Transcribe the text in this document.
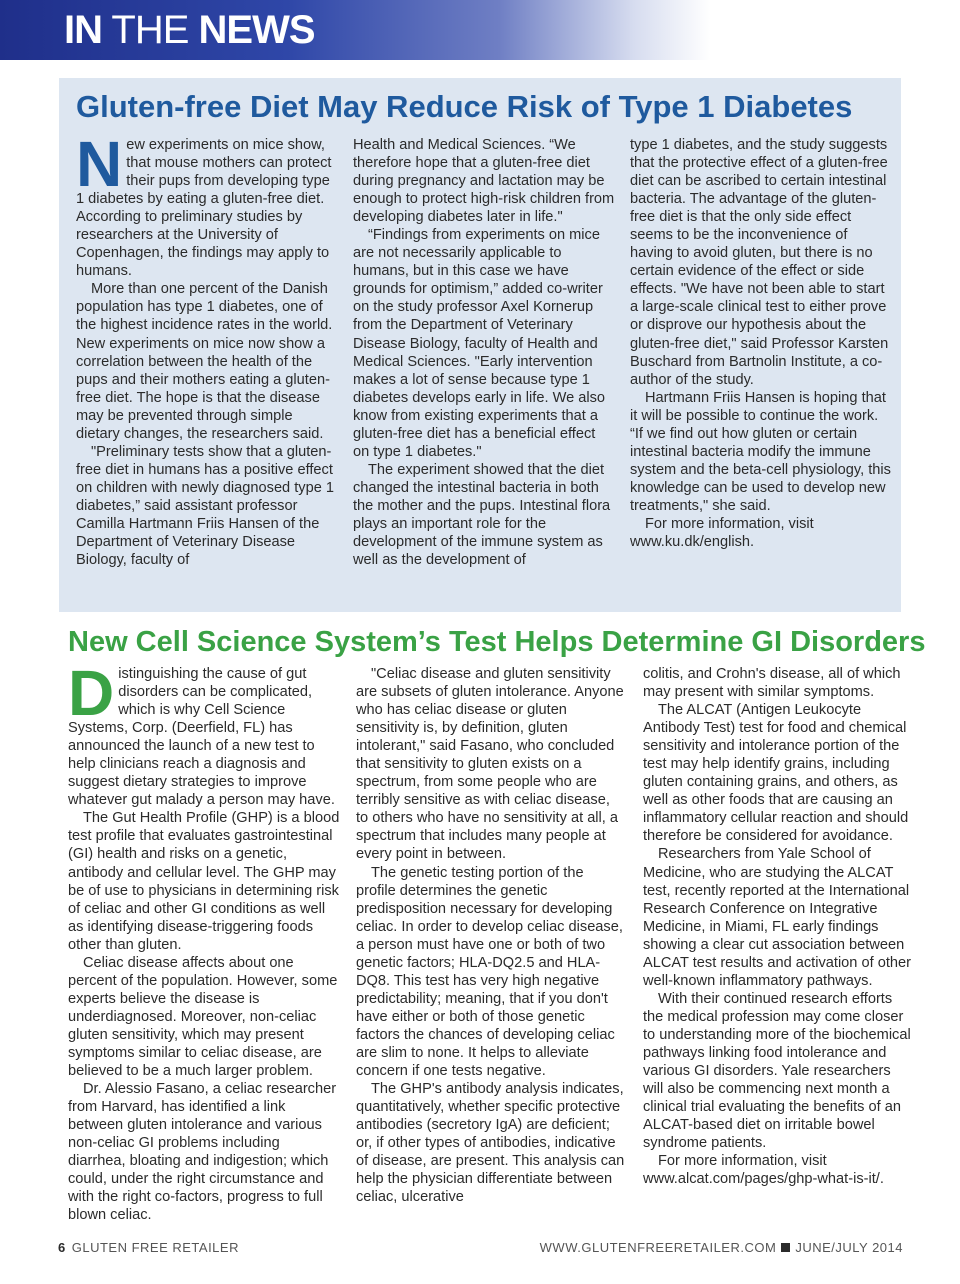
IN THE NEWS
Gluten-free Diet May Reduce Risk of Type 1 Diabetes

New experiments on mice show, that mouse mothers can protect their pups from developing type 1 diabetes by eating a gluten-free diet. According to preliminary studies by researchers at the University of Copenhagen, the findings may apply to humans.

More than one percent of the Danish population has type 1 diabetes, one of the highest incidence rates in the world. New experiments on mice now show a correlation between the health of the pups and their mothers eating a gluten-free diet. The hope is that the disease may be prevented through simple dietary changes, the researchers said.

"Preliminary tests show that a gluten-free diet in humans has a positive effect on children with newly diagnosed type 1 diabetes,” said assistant professor Camilla Hartmann Friis Hansen of the Department of Veterinary Disease Biology, faculty of

Health and Medical Sciences. “We therefore hope that a gluten-free diet during pregnancy and lactation may be enough to protect high-risk children from developing diabetes later in life."

“Findings from experiments on mice are not necessarily applicable to humans, but in this case we have grounds for optimism,” added co-writer on the study professor Axel Kornerup from the Department of Veterinary Disease Biology, faculty of Health and Medical Sciences. "Early intervention makes a lot of sense because type 1 diabetes develops early in life. We also know from existing experiments that a gluten-free diet has a beneficial effect on type 1 diabetes."

The experiment showed that the diet changed the intestinal bacteria in both the mother and the pups. Intestinal flora plays an important role for the development of the immune system as well as the development of

type 1 diabetes, and the study suggests that the protective effect of a gluten-free diet can be ascribed to certain intestinal bacteria. The advantage of the gluten-free diet is that the only side effect seems to be the inconvenience of having to avoid gluten, but there is no certain evidence of the effect or side effects. "We have not been able to start a large-scale clinical test to either prove or disprove our hypothesis about the gluten-free diet," said Professor Karsten Buschard from Bartnolin Institute, a co-author of the study.

Hartmann Friis Hansen is hoping that it will be possible to continue the work. “If we find out how gluten or certain intestinal bacteria modify the immune system and the beta-cell physiology, this knowledge can be used to develop new treatments," she said.

For more information, visit www.ku.dk/english.

New Cell Science System’s Test Helps Determine GI Disorders

Distinguishing the cause of gut disorders can be complicated, which is why Cell Science Systems, Corp. (Deerfield, FL) has announced the launch of a new test to help clinicians reach a diagnosis and suggest dietary strategies to improve whatever gut malady a person may have.

The Gut Health Profile (GHP) is a blood test profile that evaluates gastrointestinal (GI) health and risks on a genetic, antibody and cellular level. The GHP may be of use to physicians in determining risk of celiac and other GI conditions as well as identifying disease-triggering foods other than gluten.

Celiac disease affects about one percent of the population. However, some experts believe the disease is underdiagnosed. Moreover, non-celiac gluten sensitivity, which may present symptoms similar to celiac disease, are believed to be a much larger problem.

Dr. Alessio Fasano, a celiac researcher from Harvard, has identified a link between gluten intolerance and various non-celiac GI problems including diarrhea, bloating and indigestion; which could, under the right circumstance and with the right co-factors, progress to full blown celiac.

"Celiac disease and gluten sensitivity are subsets of gluten intolerance. Anyone who has celiac disease or gluten sensitivity is, by definition, gluten intolerant," said Fasano, who concluded that sensitivity to gluten exists on a spectrum, from some people who are terribly sensitive as with celiac disease, to others who have no sensitivity at all, a spectrum that includes many people at every point in between.

The genetic testing portion of the profile determines the genetic predisposition necessary for developing celiac. In order to develop celiac disease, a person must have one or both of two genetic factors; HLA-DQ2.5 and HLA-DQ8. This test has very high negative predictability; meaning, that if you don't have either or both of those genetic factors the chances of developing celiac are slim to none. It helps to alleviate concern if one tests negative.

The GHP's antibody analysis indicates, quantitatively, whether specific protective antibodies (secretory IgA) are deficient; or, if other types of antibodies, indicative of disease, are present. This analysis can help the physician differentiate between celiac, ulcerative

colitis, and Crohn's disease, all of which may present with similar symptoms.

The ALCAT (Antigen Leukocyte Antibody Test) test for food and chemical sensitivity and intolerance portion of the test may help identify grains, including gluten containing grains, and others, as well as other foods that are causing an inflammatory cellular reaction and should therefore be considered for avoidance.

Researchers from Yale School of Medicine, who are studying the ALCAT test, recently reported at the International Research Conference on Integrative Medicine, in Miami, FL early findings showing a clear cut association between ALCAT test results and activation of other well-known inflammatory pathways.

With their continued research efforts the medical profession may come closer to understanding more of the biochemical pathways linking food intolerance and various GI disorders. Yale researchers will also be commencing next month a clinical trial evaluating the benefits of an ALCAT-based diet on irritable bowel syndrome patients.

For more information, visit www.alcat.com/pages/ghp-what-is-it/.

6 GLUTEN FREE RETAILER	WWW.GLUTENFREERETAILER.COM JUNE/JULY 2014
